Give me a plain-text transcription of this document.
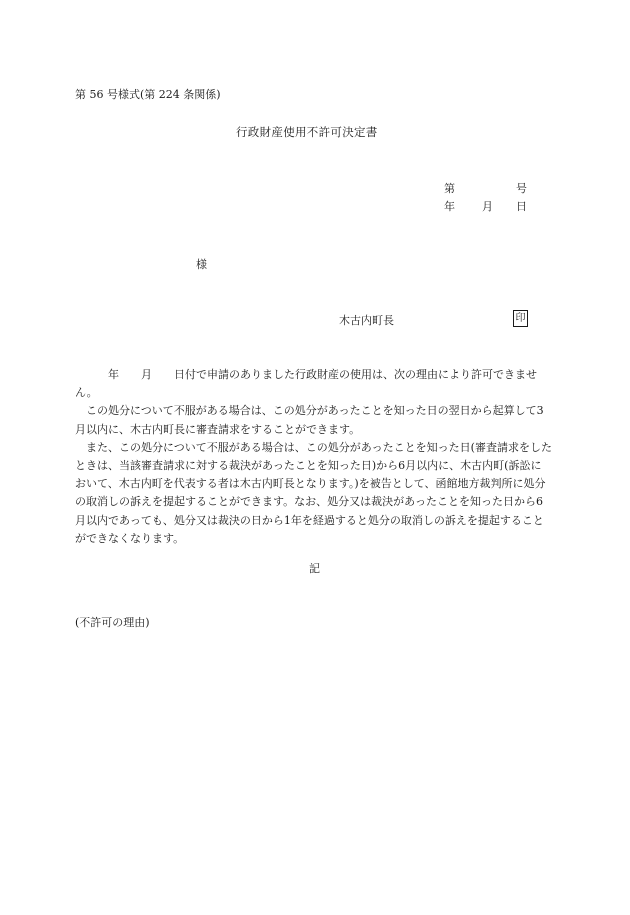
第 56 号様式(第 224 条関係)
行政財産使用不許可決定書
第	号
年 月 日
様
木古内町長	印

　　　年　　月　　日付で申請のありました行政財産の使用は、次の理由により許可できません。

　この処分について不服がある場合は、この処分があったことを知った日の翌日から起算して3月以内に、木古内町長に審査請求をすることができます。

　また、この処分について不服がある場合は、この処分があったことを知った日(審査請求をしたときは、当該審査請求に対する裁決があったことを知った日)から6月以内に、木古内町(訴訟において、木古内町を代表する者は木古内町長となります。)を被告として、函館地方裁判所に処分の取消しの訴えを提起することができます。なお、処分又は裁決があったことを知った日から6月以内であっても、処分又は裁決の日から1年を経過すると処分の取消しの訴えを提起することができなくなります。

記
(不許可の理由)
